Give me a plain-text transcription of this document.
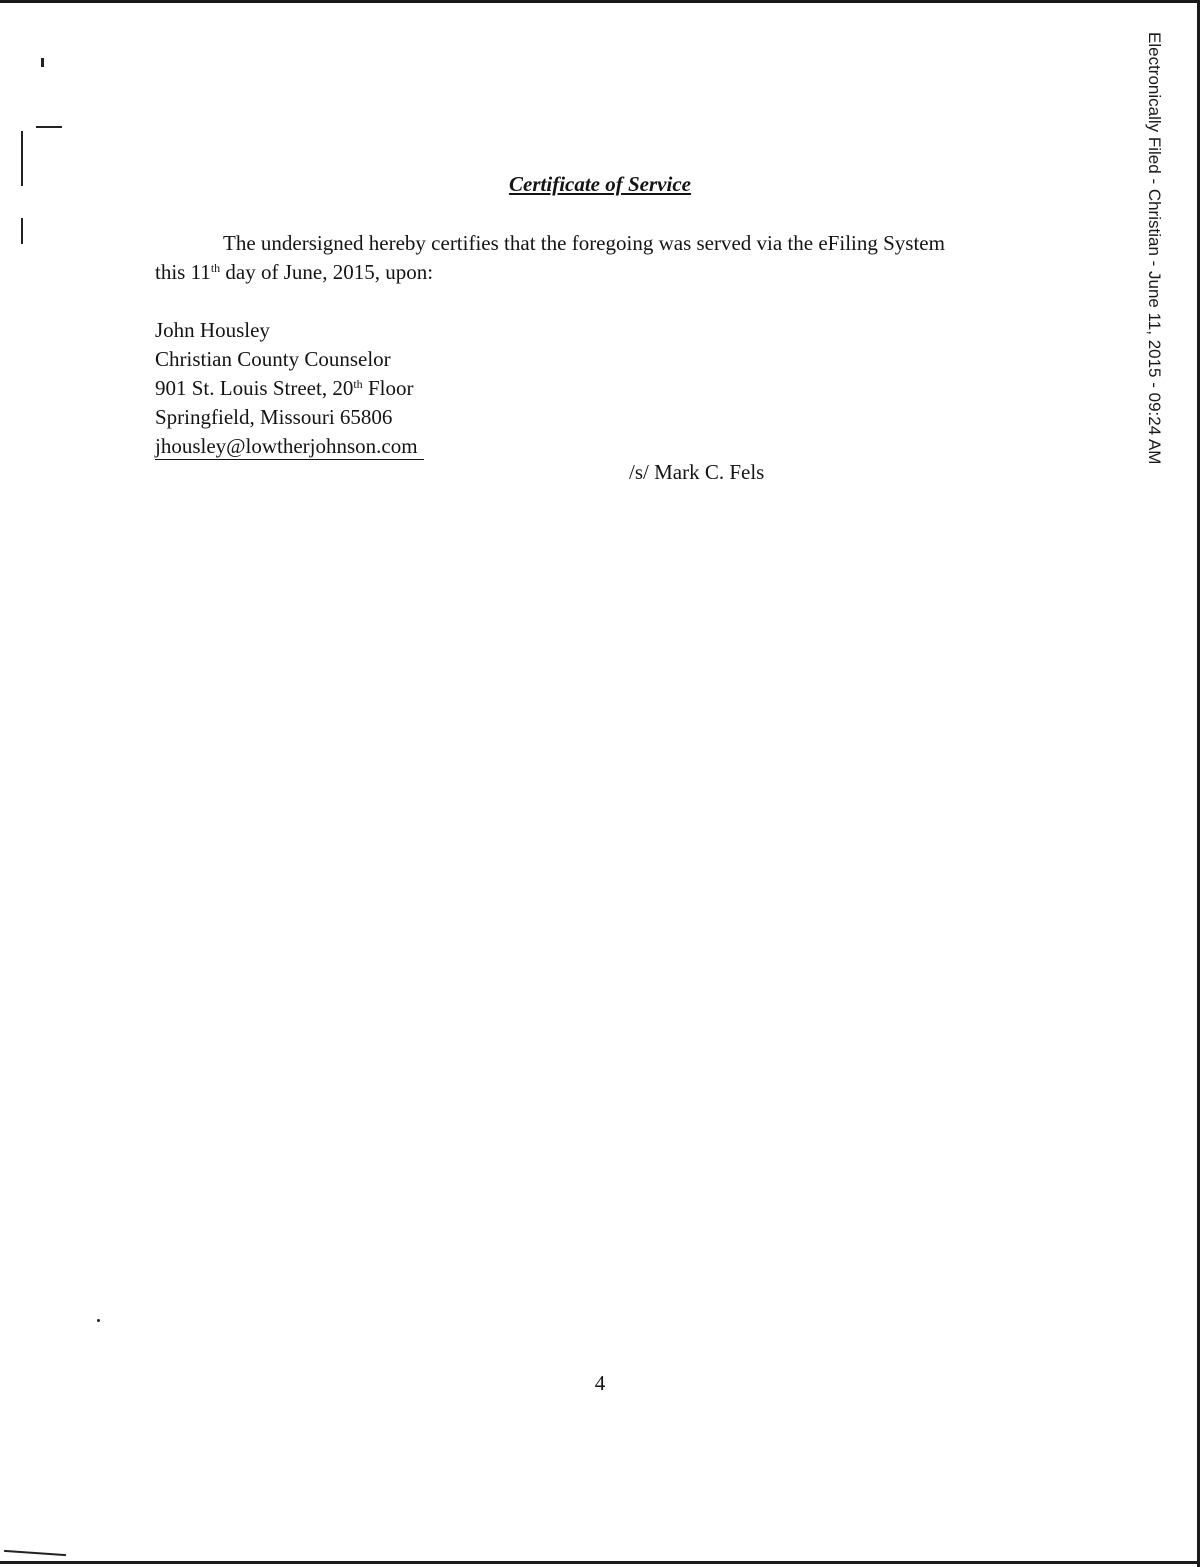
Electronically Filed - Christian - June 11, 2015 - 09:24 AM
Certificate of Service
The undersigned hereby certifies that the foregoing was served via the eFiling System
this 11th day of June, 2015, upon:
John Housley
Christian County Counselor
901 St. Louis Street, 20th Floor
Springfield, Missouri 65806
jhousley@lowtherjohnson.com
/s/ Mark C. Fels
4
